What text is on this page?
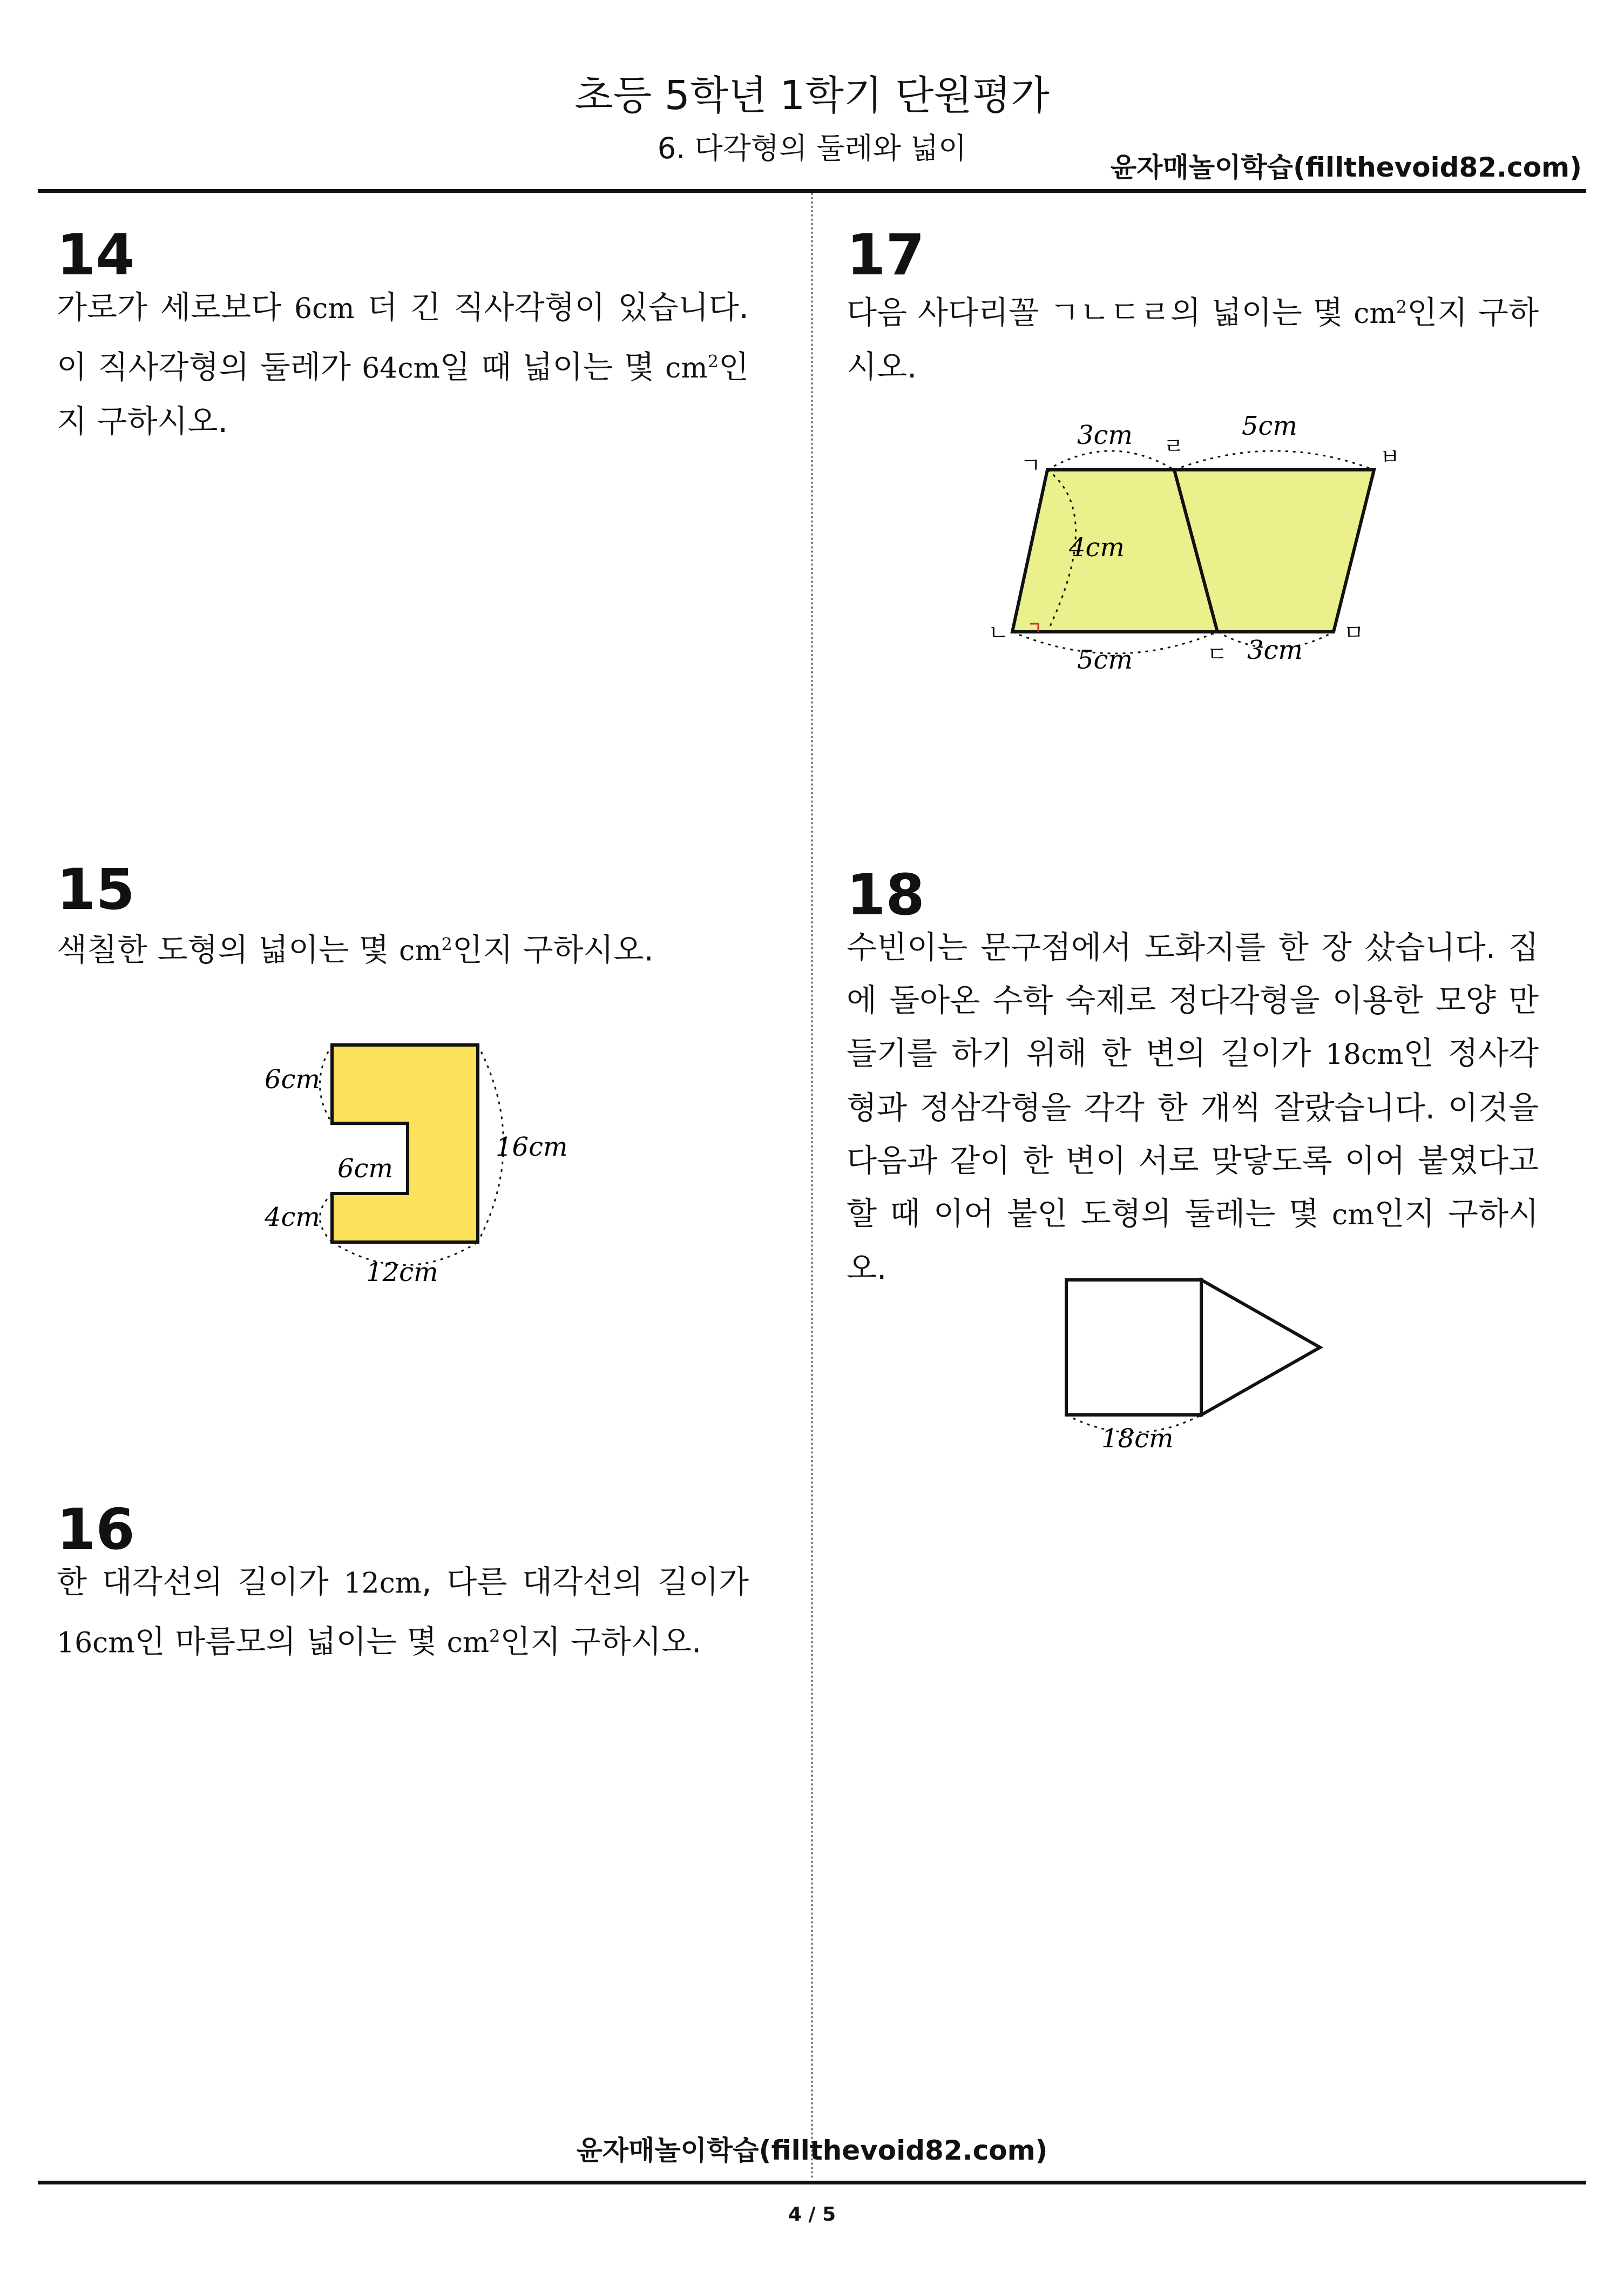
초등 5학년 1학기 단원평가
6. 다각형의 둘레와 넓이
윤자매놀이학습(fillthevoid82.com)
14
가로가 세로보다 6cm 더 긴 직사각형이 있습니다. 이 직사각형의 둘레가 64cm일 때 넓이는 몇 $cm^2$인지 구하시오.
15
색칠한 도형의 넓이는 몇 $cm^2$인지 구하시오.
6cm
6cm
4cm
16cm
12cm
16
한 대각선의 길이가 12cm, 다른 대각선의 길이가 16cm인 마름모의 넓이는 몇 $cm^2$인지 구하시오.
17
다음 사다리꼴 ㄱㄴㄷㄹ의 넓이는 몇 $cm^2$인지 구하시오.
3cm	5cm
4cm
5cm	3cm
ㄱ
ㄴ
ㄷ
ㄹ
ㅁ
ㅂ
18
수빈이는 문구점에서 도화지를 한 장 샀습니다. 집에 돌아온 수학 숙제로 정다각형을 이용한 모양 만들기를 하기 위해 한 변의 길이가 18cm인 정사각형과 정삼각형을 각각 한 개씩 잘랐습니다. 이것을 다음과 같이 한 변이 서로 맞닿도록 이어 붙였다고 할 때 이어 붙인 도형의 둘레는 몇 cm인지 구하시오.
18cm
윤자매놀이학습(fillthevoid82.com)
4 / 5
